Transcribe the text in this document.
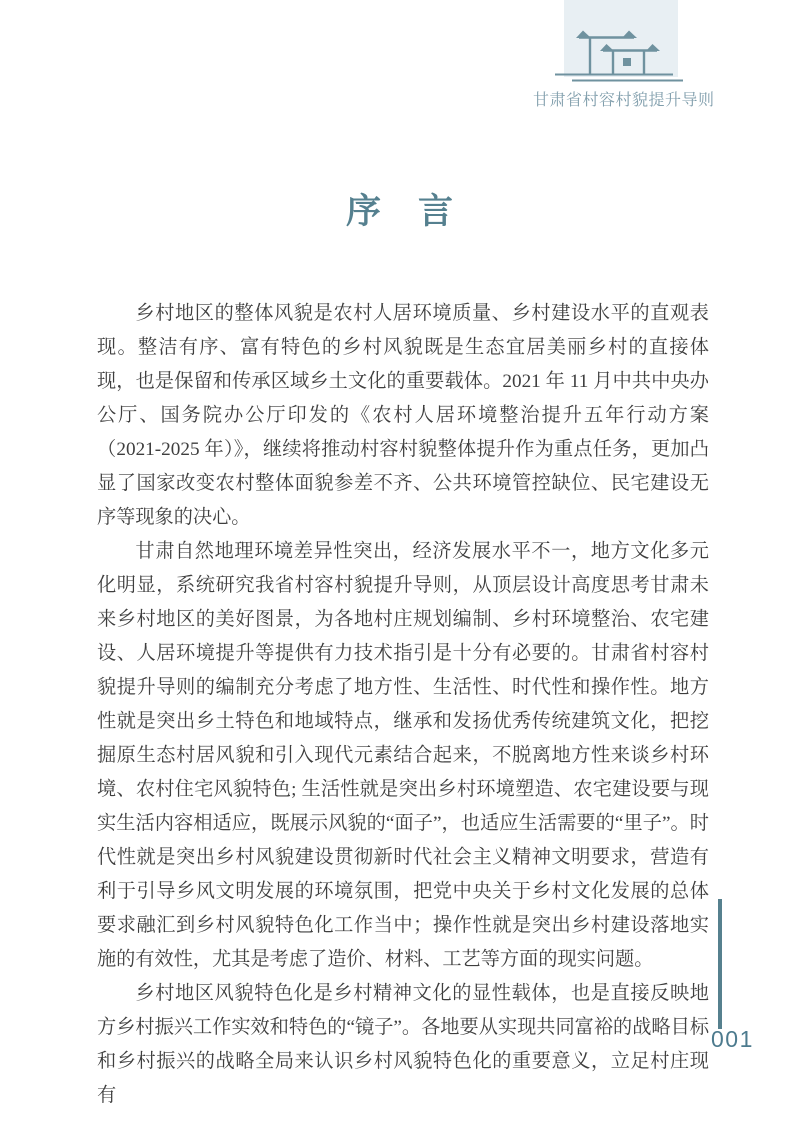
甘肃省村容村貌提升导则
序　言

乡村地区的整体风貌是农村人居环境质量、乡村建设水平的直观表现。整洁有序、富有特色的乡村风貌既是生态宜居美丽乡村的直接体现，也是保留和传承区域乡土文化的重要载体。2021 年 11 月中共中央办公厅、国务院办公厅印发的《农村人居环境整治提升五年行动方案（2021-2025 年）》，继续将推动村容村貌整体提升作为重点任务，更加凸显了国家改变农村整体面貌参差不齐、公共环境管控缺位、民宅建设无序等现象的决心。

甘肃自然地理环境差异性突出，经济发展水平不一，地方文化多元化明显，系统研究我省村容村貌提升导则，从顶层设计高度思考甘肃未来乡村地区的美好图景，为各地村庄规划编制、乡村环境整治、农宅建设、人居环境提升等提供有力技术指引是十分有必要的。甘肃省村容村貌提升导则的编制充分考虑了地方性、生活性、时代性和操作性。地方性就是突出乡土特色和地域特点，继承和发扬优秀传统建筑文化，把挖掘原生态村居风貌和引入现代元素结合起来，不脱离地方性来谈乡村环境、农村住宅风貌特色; 生活性就是突出乡村环境塑造、农宅建设要与现实生活内容相适应，既展示风貌的“面子”，也适应生活需要的“里子”。时代性就是突出乡村风貌建设贯彻新时代社会主义精神文明要求，营造有利于引导乡风文明发展的环境氛围，把党中央关于乡村文化发展的总体要求融汇到乡村风貌特色化工作当中；操作性就是突出乡村建设落地实施的有效性，尤其是考虑了造价、材料、工艺等方面的现实问题。

乡村地区风貌特色化是乡村精神文化的显性载体，也是直接反映地方乡村振兴工作实效和特色的“镜子”。各地要从实现共同富裕的战略目标和乡村振兴的战略全局来认识乡村风貌特色化的重要意义，立足村庄现有

001
